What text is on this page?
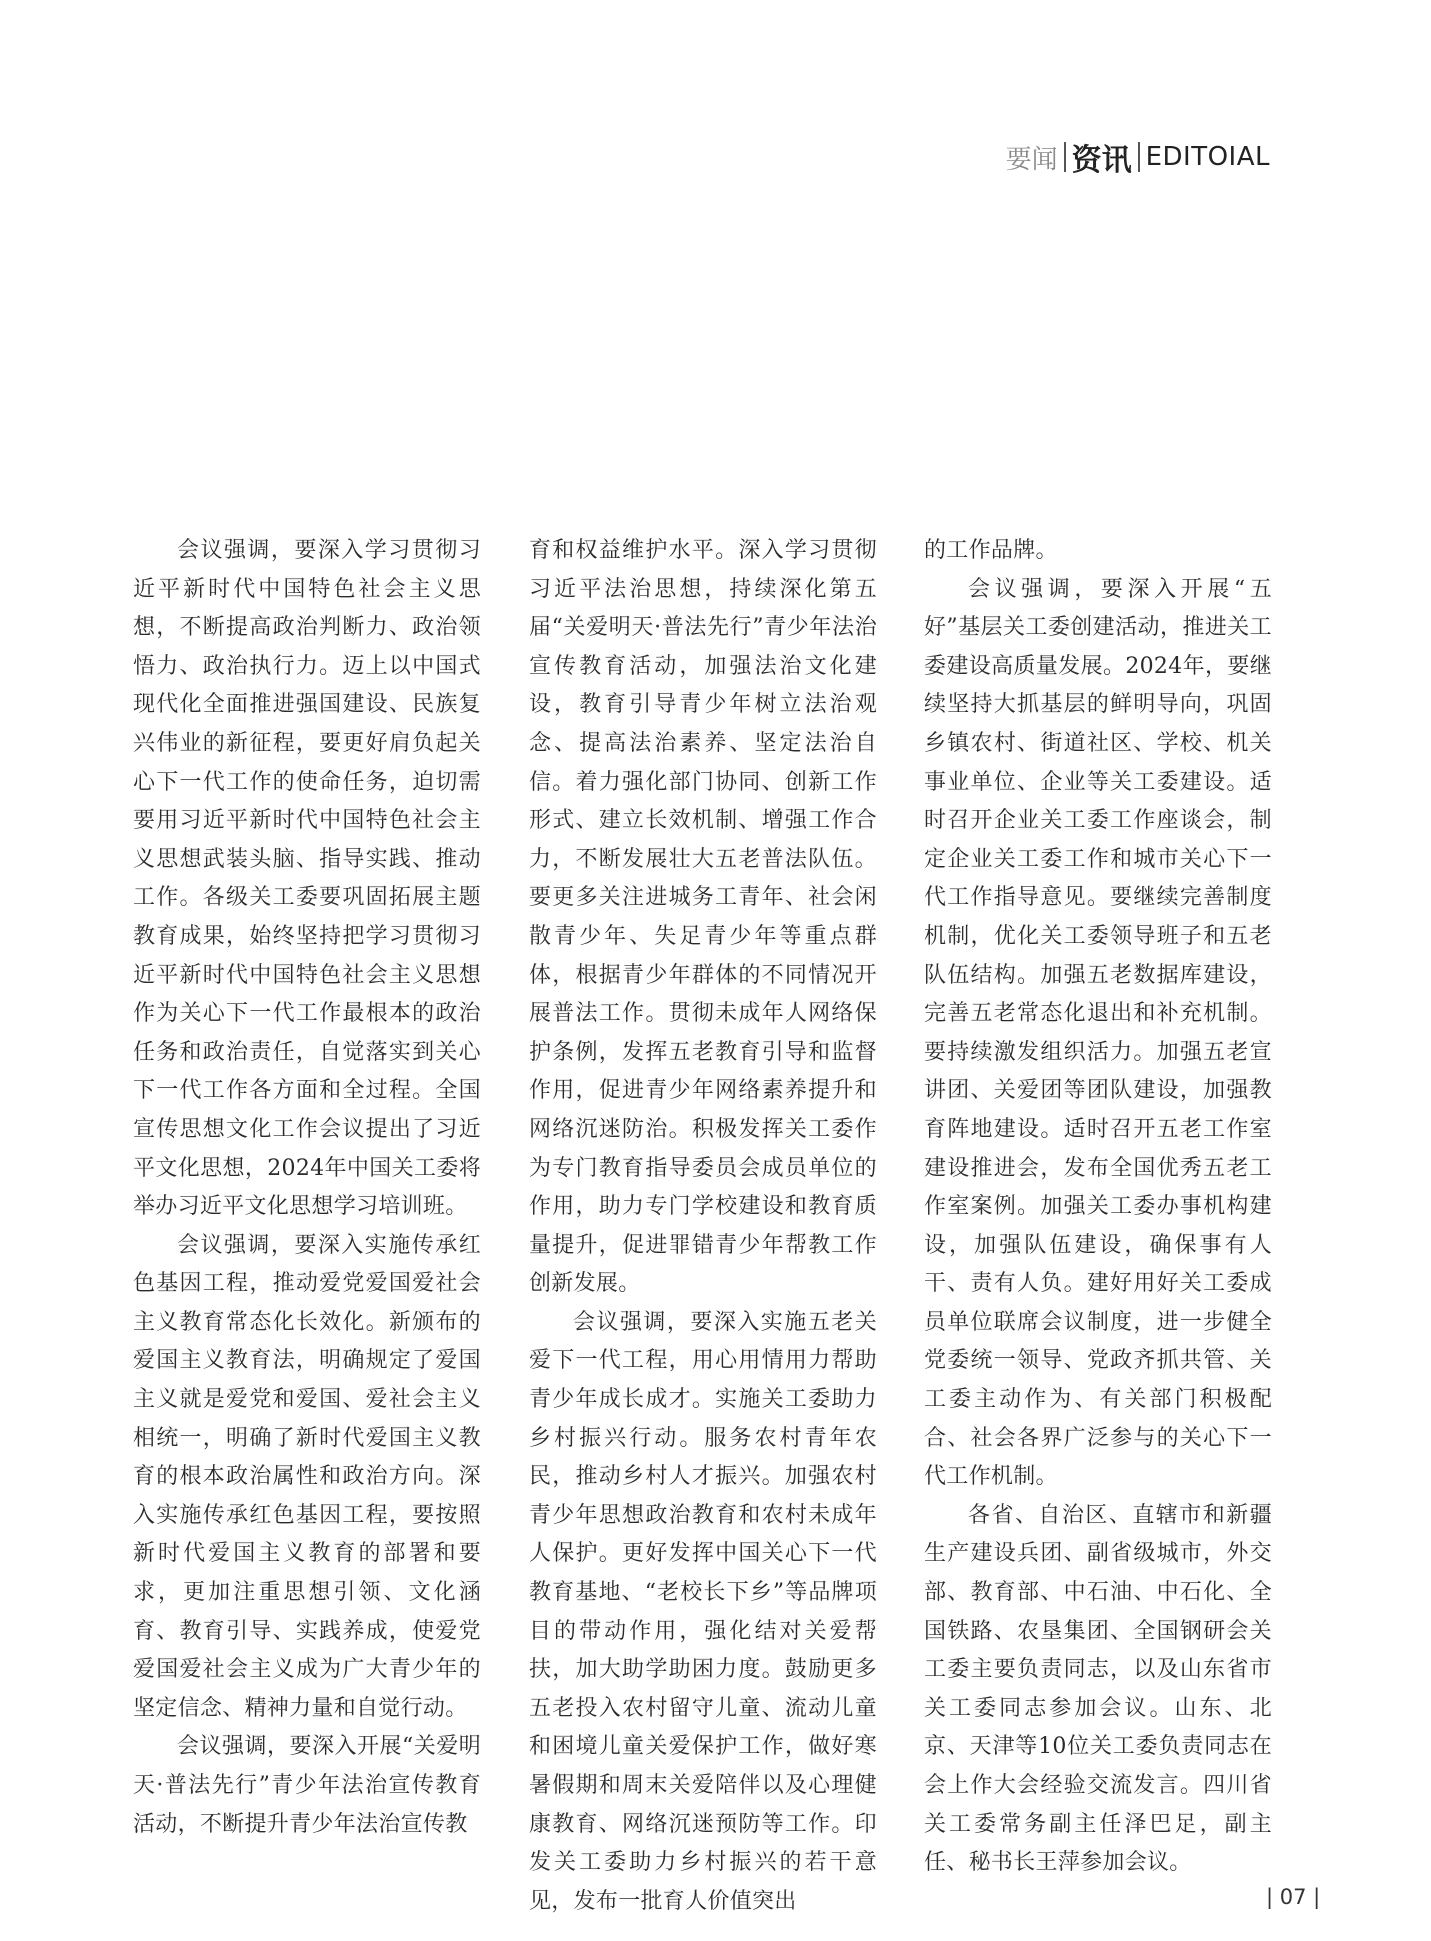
要闻 资讯 EDITOIAL

会议强调，要深入学习贯彻习近平新时代中国特色社会主义思想，不断提高政治判断力、政治领悟力、政治执行力。迈上以中国式现代化全面推进强国建设、民族复兴伟业的新征程，要更好肩负起关心下一代工作的使命任务，迫切需要用习近平新时代中国特色社会主义思想武装头脑、指导实践、推动工作。各级关工委要巩固拓展主题教育成果，始终坚持把学习贯彻习近平新时代中国特色社会主义思想作为关心下一代工作最根本的政治任务和政治责任，自觉落实到关心下一代工作各方面和全过程。全国宣传思想文化工作会议提出了习近平文化思想，2024年中国关工委将举办习近平文化思想学习培训班。

会议强调，要深入实施传承红色基因工程，推动爱党爱国爱社会主义教育常态化长效化。新颁布的爱国主义教育法，明确规定了爱国主义就是爱党和爱国、爱社会主义相统一，明确了新时代爱国主义教育的根本政治属性和政治方向。深入实施传承红色基因工程，要按照新时代爱国主义教育的部署和要求，更加注重思想引领、文化涵育、教育引导、实践养成，使爱党爱国爱社会主义成为广大青少年的坚定信念、精神力量和自觉行动。

会议强调，要深入开展“关爱明天·普法先行”青少年法治宣传教育活动，不断提升青少年法治宣传教

育和权益维护水平。深入学习贯彻习近平法治思想，持续深化第五届“关爱明天·普法先行”青少年法治宣传教育活动，加强法治文化建设，教育引导青少年树立法治观念、提高法治素养、坚定法治自信。着力强化部门协同、创新工作形式、建立长效机制、增强工作合力，不断发展壮大五老普法队伍。要更多关注进城务工青年、社会闲散青少年、失足青少年等重点群体，根据青少年群体的不同情况开展普法工作。贯彻未成年人网络保护条例，发挥五老教育引导和监督作用，促进青少年网络素养提升和网络沉迷防治。积极发挥关工委作为专门教育指导委员会成员单位的作用，助力专门学校建设和教育质量提升，促进罪错青少年帮教工作创新发展。

会议强调，要深入实施五老关爱下一代工程，用心用情用力帮助青少年成长成才。实施关工委助力乡村振兴行动。服务农村青年农民，推动乡村人才振兴。加强农村青少年思想政治教育和农村未成年人保护。更好发挥中国关心下一代教育基地、“老校长下乡”等品牌项目的带动作用，强化结对关爱帮扶，加大助学助困力度。鼓励更多五老投入农村留守儿童、流动儿童和困境儿童关爱保护工作，做好寒暑假期和周末关爱陪伴以及心理健康教育、网络沉迷预防等工作。印发关工委助力乡村振兴的若干意见，发布一批育人价值突出

的工作品牌。

会议强调，要深入开展“五好”基层关工委创建活动，推进关工委建设高质量发展。2024年，要继续坚持大抓基层的鲜明导向，巩固乡镇农村、街道社区、学校、机关事业单位、企业等关工委建设。适时召开企业关工委工作座谈会，制定企业关工委工作和城市关心下一代工作指导意见。要继续完善制度机制，优化关工委领导班子和五老队伍结构。加强五老数据库建设，完善五老常态化退出和补充机制。要持续激发组织活力。加强五老宣讲团、关爱团等团队建设，加强教育阵地建设。适时召开五老工作室建设推进会，发布全国优秀五老工作室案例。加强关工委办事机构建设，加强队伍建设，确保事有人干、责有人负。建好用好关工委成员单位联席会议制度，进一步健全党委统一领导、党政齐抓共管、关工委主动作为、有关部门积极配合、社会各界广泛参与的关心下一代工作机制。

各省、自治区、直辖市和新疆生产建设兵团、副省级城市，外交部、教育部、中石油、中石化、全国铁路、农垦集团、全国钢研会关工委主要负责同志，以及山东省市关工委同志参加会议。山东、北京、天津等10位关工委负责同志在会上作大会经验交流发言。四川省关工委常务副主任泽巴足，副主任、秘书长王萍参加会议。

| 07 |
